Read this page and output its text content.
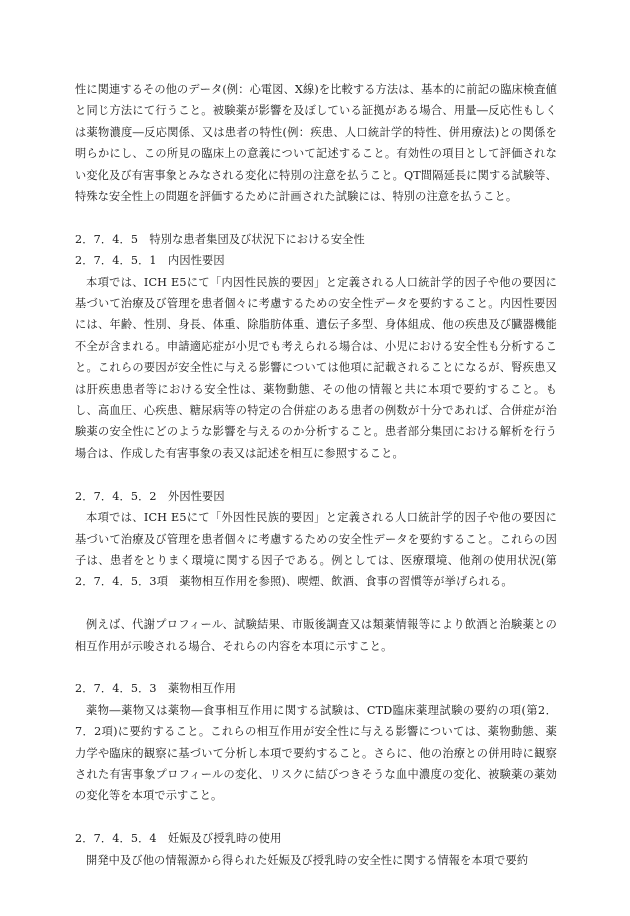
性に関連するその他のデータ(例：心電図、X線)を比較する方法は、基本的に前記の臨床検査値と同じ方法にて行うこと。被験薬が影響を及ぼしている証拠がある場合、用量―反応性もしくは薬物濃度―反応関係、又は患者の特性(例：疾患、人口統計学的特性、併用療法)との関係を明らかにし、この所見の臨床上の意義について記述すること。有効性の項目として評価されない変化及び有害事象とみなされる変化に特別の注意を払うこと。QT間隔延長に関する試験等、特殊な安全性上の問題を評価するために計画された試験には、特別の注意を払うこと。

2．7．4．5　特別な患者集団及び状況下における安全性

2．7．4．5．1　内因性要因

本項では、ICH E5にて「内因性民族的要因」と定義される人口統計学的因子や他の要因に基づいて治療及び管理を患者個々に考慮するための安全性データを要約すること。内因性要因には、年齢、性別、身長、体重、除脂肪体重、遺伝子多型、身体組成、他の疾患及び臓器機能不全が含まれる。申請適応症が小児でも考えられる場合は、小児における安全性も分析すること。これらの要因が安全性に与える影響については他項に記載されることになるが、腎疾患又は肝疾患患者等における安全性は、薬物動態、その他の情報と共に本項で要約すること。もし、高血圧、心疾患、糖尿病等の特定の合併症のある患者の例数が十分であれば、合併症が治験薬の安全性にどのような影響を与えるのか分析すること。患者部分集団における解析を行う場合は、作成した有害事象の表又は記述を相互に参照すること。

2．7．4．5．2　外因性要因

本項では、ICH E5にて「外因性民族的要因」と定義される人口統計学的因子や他の要因に基づいて治療及び管理を患者個々に考慮するための安全性データを要約すること。これらの因子は、患者をとりまく環境に関する因子である。例としては、医療環境、他剤の使用状況(第2．7．4．5．3項　薬物相互作用を参照)、喫煙、飲酒、食事の習慣等が挙げられる。

例えば、代謝プロフィール、試験結果、市販後調査又は類薬情報等により飲酒と治験薬との相互作用が示唆される場合、それらの内容を本項に示すこと。

2．7．4．5．3　薬物相互作用

薬物―薬物又は薬物―食事相互作用に関する試験は、CTD臨床薬理試験の要約の項(第2．7．2項)に要約すること。これらの相互作用が安全性に与える影響については、薬物動態、薬力学や臨床的観察に基づいて分析し本項で要約すること。さらに、他の治療との併用時に観察された有害事象プロフィールの変化、リスクに結びつきそうな血中濃度の変化、被験薬の薬効の変化等を本項で示すこと。

2．7．4．5．4　妊娠及び授乳時の使用

開発中及び他の情報源から得られた妊娠及び授乳時の安全性に関する情報を本項で要約
